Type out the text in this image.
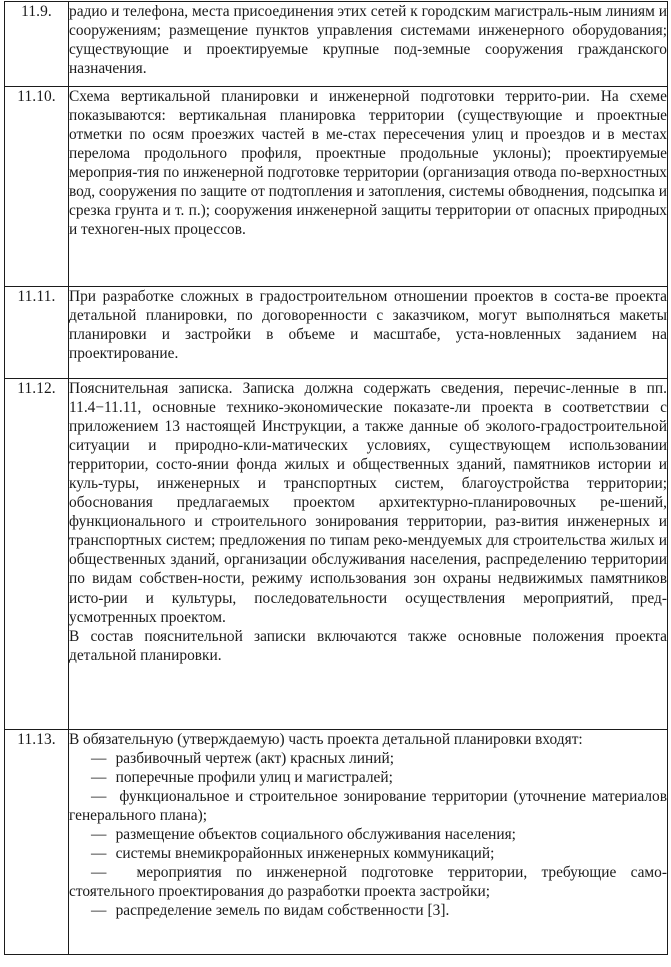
11.9.	радио и телефона, места присоединения этих сетей к городским магистраль-ным линиям и сооружениям; размещение пунктов управления системами инженерного оборудования; существующие и проектируемые крупные под-земные сооружения гражданского назначения.

11.10.	Схема вертикальной планировки и инженерной подготовки террито-рии. На схеме показываются: вертикальная планировка территории (существующие и проектные отметки по осям проезжих частей в ме-стах пересечения улиц и проездов и в местах перелома продольного профиля, проектные продольные уклоны); проектируемые мероприя-тия по инженерной подготовке территории (организация отвода по-верхностных вод, сооружения по защите от подтопления и затопления, системы обводнения, подсыпка и срезка грунта и т. п.); сооружения инженерной защиты территории от опасных природных и техноген-ных процессов.

11.11.	При разработке сложных в градостроительном отношении проектов в соста-ве проекта детальной планировки, по договоренности с заказчиком, могут выполняться макеты планировки и застройки в объеме и масштабе, уста-новленных заданием на проектирование.

11.12.	Пояснительная записка. Записка должна содержать сведения, перечис-ленные в пп. 11.4−11.11, основные технико-экономические показате-ли проекта в соответствии с приложением 13 настоящей Инструкции, а также данные об эколого-градостроительной ситуации и природно-кли-матических условиях, существующем использовании территории, состо-янии фонда жилых и общественных зданий, памятников истории и куль-туры, инженерных и транспортных систем, благоустройства территории; обоснования предлагаемых проектом архитектурно-планировочных ре-шений, функционального и строительного зонирования территории, раз-вития инженерных и транспортных систем; предложения по типам реко-мендуемых для строительства жилых и общественных зданий, организации обслуживания населения, распределению территории по видам собствен-ности, режиму использования зон охраны недвижимых памятников исто-рии и культуры, последовательности осуществления мероприятий, пред-усмотренных проектом.

В состав пояснительной записки включаются также основные положения проекта детальной планировки.

11.13.	В обязательную (утверждаемую) часть проекта детальной планировки входят:

— разбивочный чертеж (акт) красных линий;

— поперечные профили улиц и магистралей;

— функциональное и строительное зонирование территории (уточнение материалов генерального плана);

— размещение объектов социального обслуживания населения;

— системы внемикрорайонных инженерных коммуникаций;

— мероприятия по инженерной подготовке территории, требующие само-стоятельного проектирования до разработки проекта застройки;

— распределение земель по видам собственности [3].
